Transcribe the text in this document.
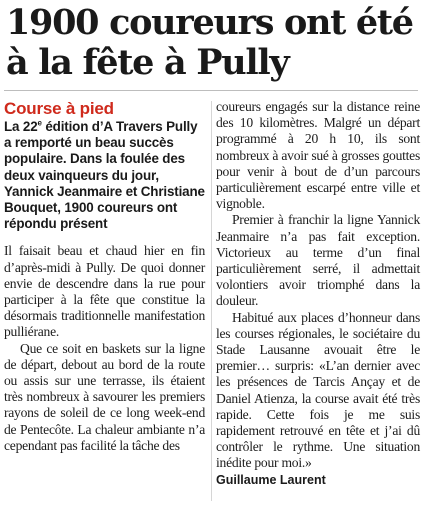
1900 coureurs ont été à la fête à Pully
Course à pied
La 22e édition d’A Travers Pully a remporté un beau succès populaire. Dans la foulée des deux vainqueurs du jour, Yannick Jeanmaire et Christiane Bouquet, 1900 coureurs ont répondu présent

Il faisait beau et chaud hier en fin d’après-midi à Pully. De quoi donner envie de descendre dans la rue pour participer à la fête que constitue la désormais traditionnelle manifestation pulliérane.

Que ce soit en baskets sur la ligne de départ, debout au bord de la route ou assis sur une terrasse, ils étaient très nombreux à savourer les premiers rayons de soleil de ce long week-end de Pentecôte. La chaleur ambiante n’a cependant pas facilité la tâche des

coureurs engagés sur la distance reine des 10 kilomètres. Malgré un départ programmé à 20 h 10, ils sont nombreux à avoir sué à grosses gouttes pour venir à bout de d’un parcours particulièrement escarpé entre ville et vignoble.

Premier à franchir la ligne Yannick Jeanmaire n’a pas fait exception. Victorieux au terme d’un final particulièrement serré, il admettait volontiers avoir triomphé dans la douleur.

Habitué aux places d’honneur dans les courses régionales, le sociétaire du Stade Lausanne avouait être le premier… surpris: «L’an dernier avec les présences de Tarcis Ançay et de Daniel Atienza, la course avait été très rapide. Cette fois je me suis rapidement retrouvé en tête et j’ai dû contrôler le rythme. Une situation inédite pour moi.»

Guillaume Laurent
